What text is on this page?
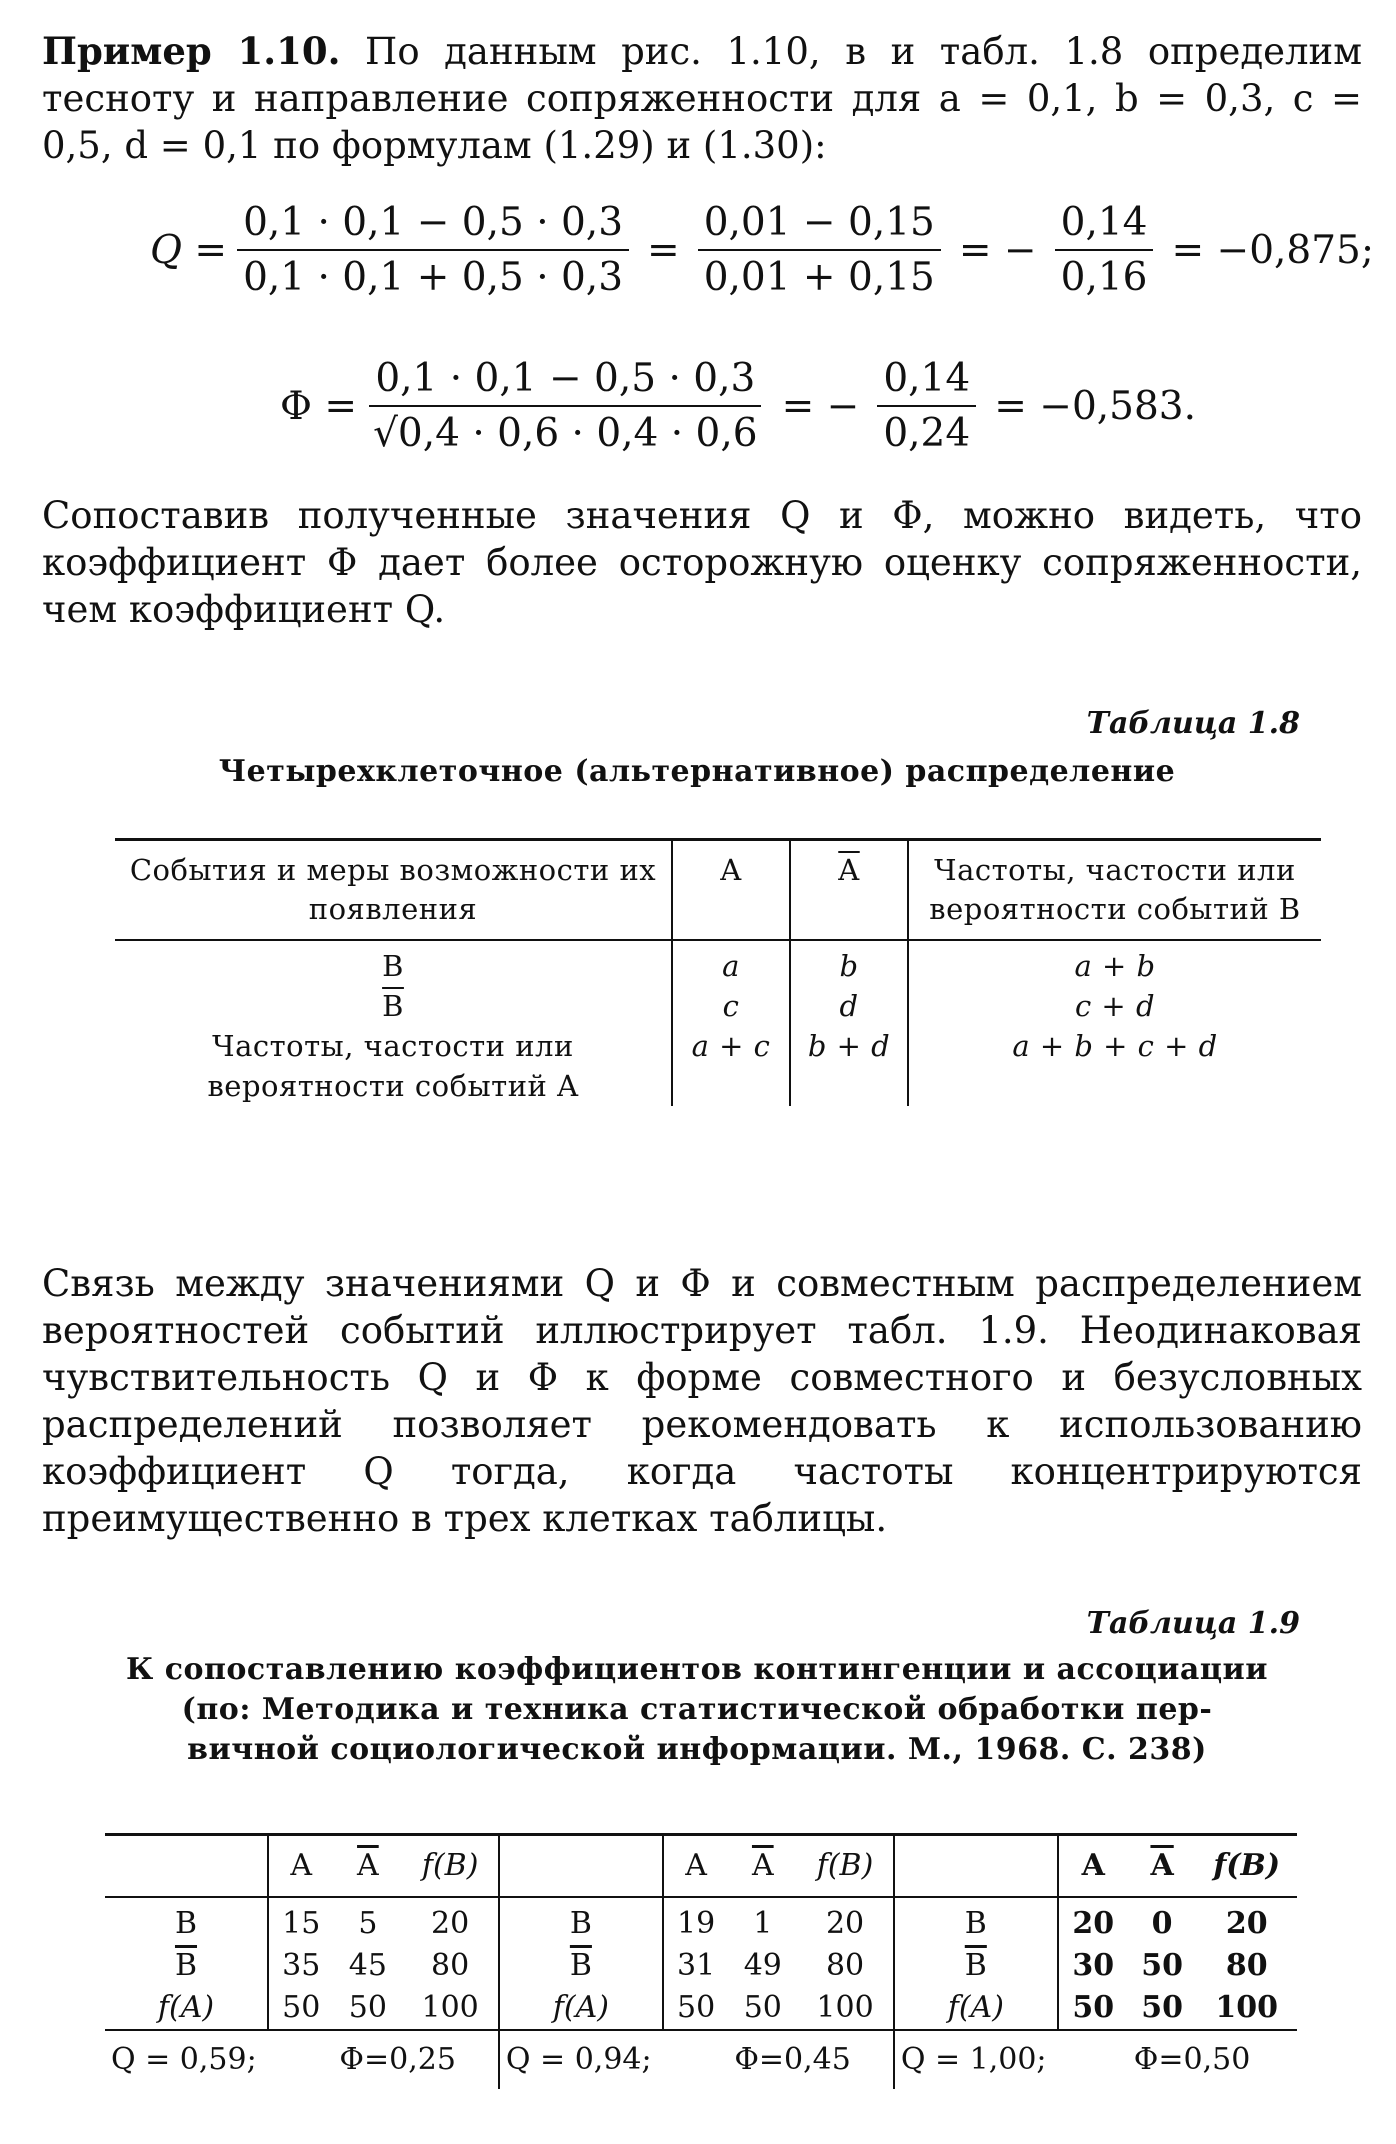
Пример 1.10. По данным рис. 1.10, в и табл. 1.8 определим тесноту и направление сопряженности для a = 0,1, b = 0,3, c = 0,5, d = 0,1 по формулам (1.29) и (1.30):
$Q = \frac{0,1 \cdot 0,1 - 0,5 \cdot 0,3}{0,1 \cdot 0,1 + 0,5 \cdot 0,3} = \frac{0,01 - 0,15}{0,01 + 0,15}$ = − $\frac{0,14}{0,16} = -0,875$;
$\Phi = \frac{0,1 \cdot 0,1 - 0,5 \cdot 0,3}{√0,4 \cdot 0,6 \cdot 0,4 \cdot 0,6}$ = − $\frac{0,14}{0,24} = -0,583$.
Сопоставив полученные значения Q и Φ, можно видеть, что коэффициент Φ дает более осторожную оценку сопряженности, чем коэффициент Q.
Таблица 1.8
Четырехклеточное (альтернативное) распределение
События и меры возможности их появления	A	$\overline{A}$	Частоты, частости или вероятности событий B

B	a	b	a + b
$\overline{B}$	c	d	c + d
Частоты, частости или вероятности событий A	a + c	b + d	a + b + c + d
Связь между значениями Q и Φ и совместным распределением вероятностей событий иллюстрирует табл. 1.9. Неодинаковая чувствительность Q и Φ к форме совместного и безусловных распределений позволяет рекомендовать к использованию коэффициент Q тогда, когда частоты концентрируются преимущественно в трех клетках таблицы.
Таблица 1.9
К сопоставлению коэффициентов контингенции и ассоциации
(по: Методика и техника статистической обработки пер-
вичной социологической информации. М., 1968. С. 238)
	A	$\overline{A}$	f(B)		A	$\overline{A}$	f(B)		A	$\overline{A}$	f(B)

B	15	5	20	B	19	1	20	B	20	0	20
$\overline{B}$	35	45	80	$\overline{B}$	31	49	80	$\overline{B}$	30	50	80
f(A)	50	50	100	f(A)	50	50	100	f(A)	50	50	100
Q = 0,59;		Φ=0,25		Q = 0,94;		Φ=0,45		Q = 1,00;		Φ=0,50	
